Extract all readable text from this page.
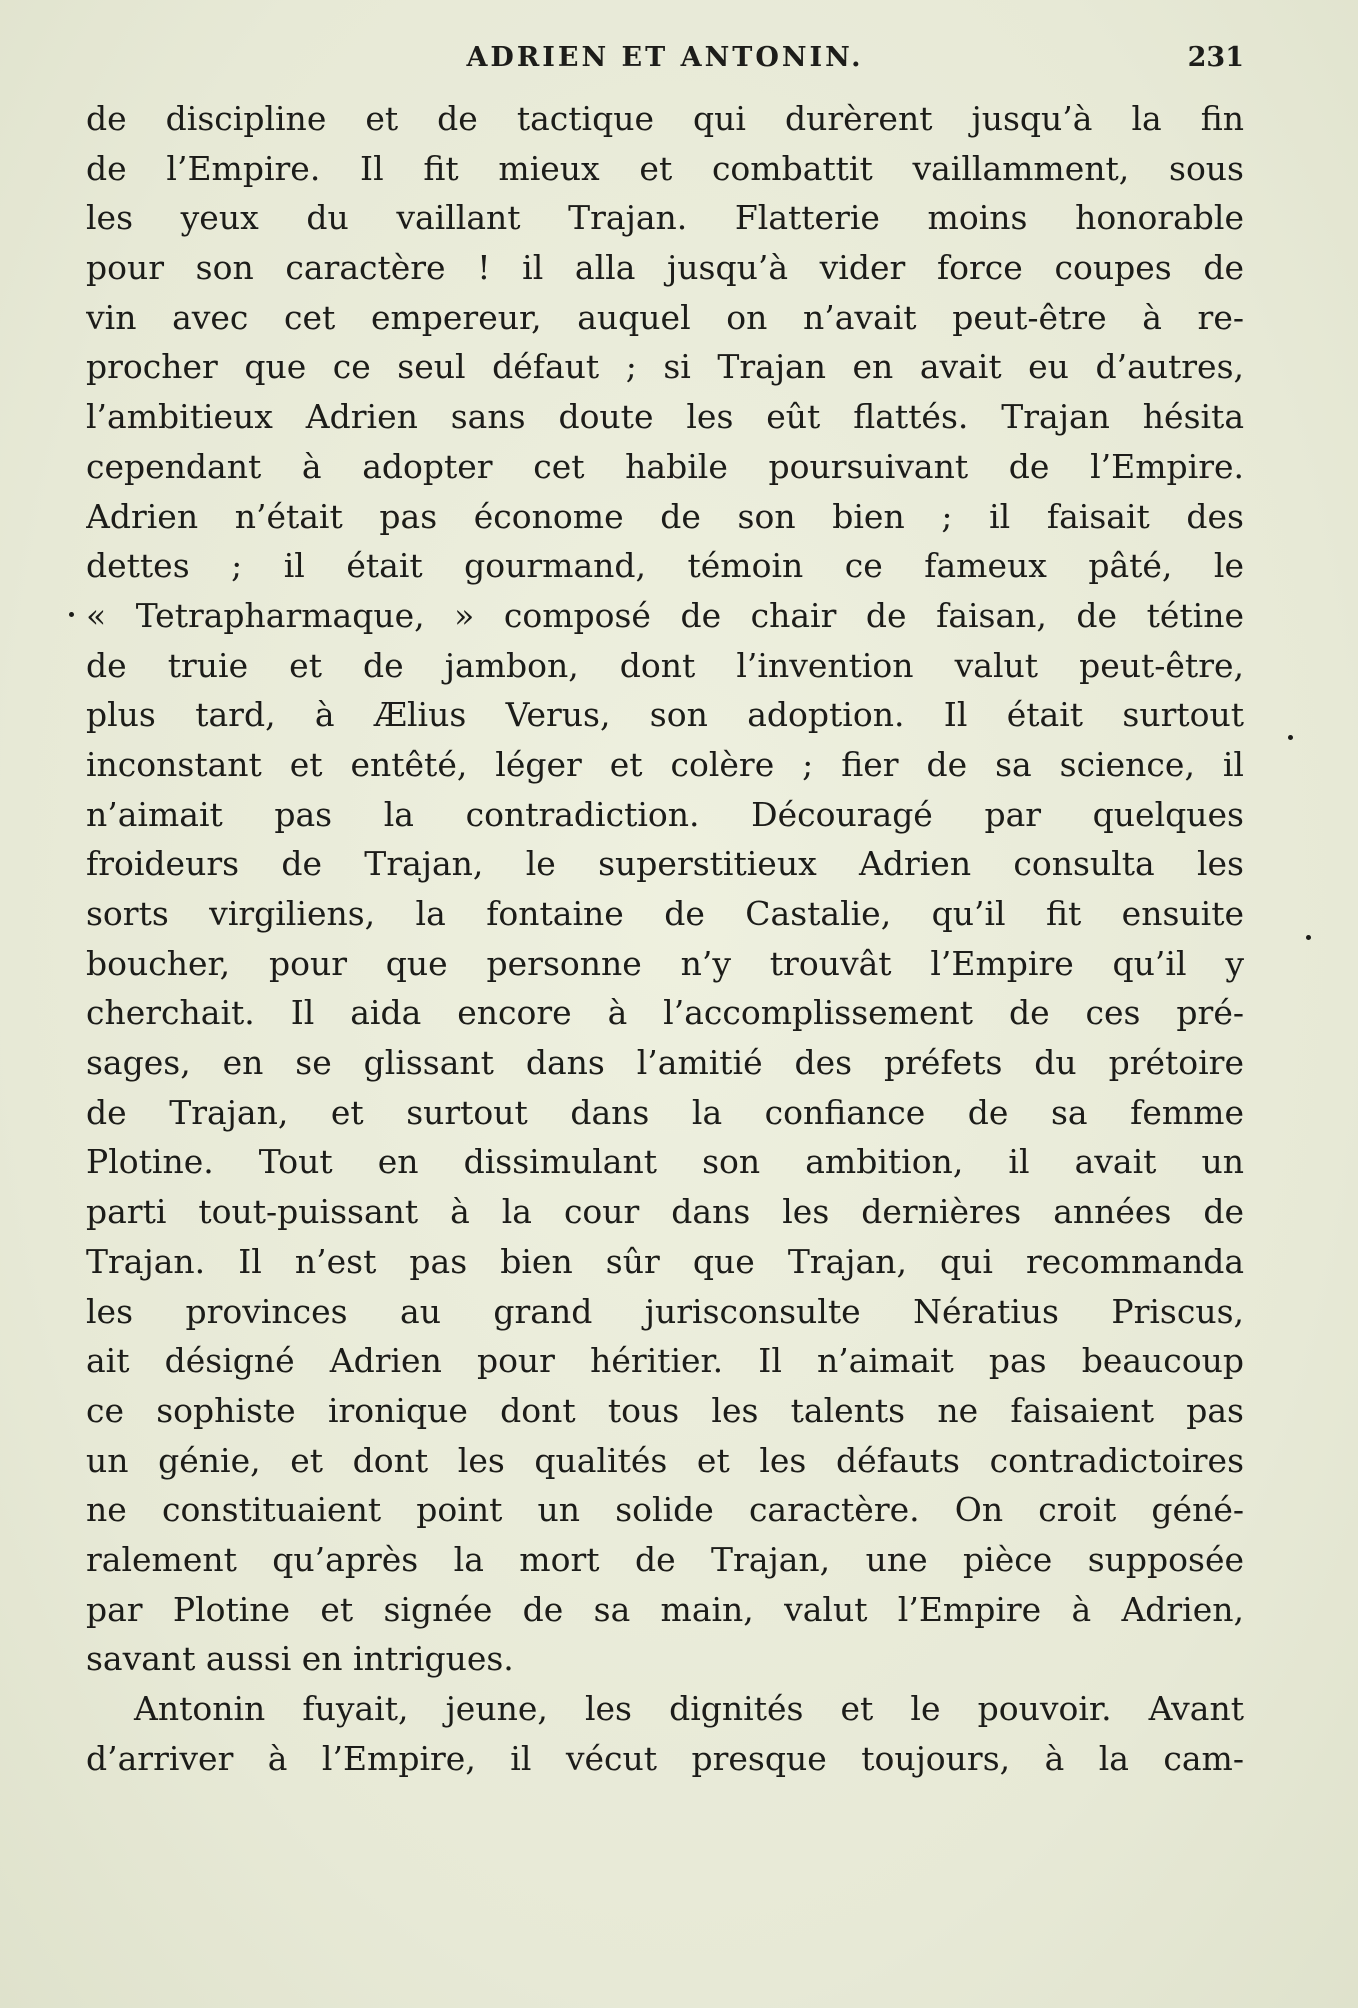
ADRIEN ET ANTONIN.	231
de discipline et de tactique qui durèrent jusqu’à la fin
de l’Empire. Il fit mieux et combattit vaillamment, sous
les yeux du vaillant Trajan. Flatterie moins honorable
pour son caractère ! il alla jusqu’à vider force coupes de
vin avec cet empereur, auquel on n’avait peut-être à re-
procher que ce seul défaut ; si Trajan en avait eu d’autres,
l’ambitieux Adrien sans doute les eût flattés. Trajan hésita
cependant à adopter cet habile poursuivant de l’Empire.
Adrien n’était pas économe de son bien ; il faisait des
dettes ; il était gourmand, témoin ce fameux pâté, le
« Tetrapharmaque, » composé de chair de faisan, de tétine
de truie et de jambon, dont l’invention valut peut-être,
plus tard, à Ælius Verus, son adoption. Il était surtout
inconstant et entêté, léger et colère ; fier de sa science, il
n’aimait pas la contradiction. Découragé par quelques
froideurs de Trajan, le superstitieux Adrien consulta les
sorts virgiliens, la fontaine de Castalie, qu’il fit ensuite
boucher, pour que personne n’y trouvât l’Empire qu’il y
cherchait. Il aida encore à l’accomplissement de ces pré-
sages, en se glissant dans l’amitié des préfets du prétoire
de Trajan, et surtout dans la confiance de sa femme
Plotine. Tout en dissimulant son ambition, il avait un
parti tout-puissant à la cour dans les dernières années de
Trajan. Il n’est pas bien sûr que Trajan, qui recommanda
les provinces au grand jurisconsulte Nératius Priscus,
ait désigné Adrien pour héritier. Il n’aimait pas beaucoup
ce sophiste ironique dont tous les talents ne faisaient pas
un génie, et dont les qualités et les défauts contradictoires
ne constituaient point un solide caractère. On croit géné-
ralement qu’après la mort de Trajan, une pièce supposée
par Plotine et signée de sa main, valut l’Empire à Adrien,
savant aussi en intrigues.
Antonin fuyait, jeune, les dignités et le pouvoir. Avant
d’arriver à l’Empire, il vécut presque toujours, à la cam-
